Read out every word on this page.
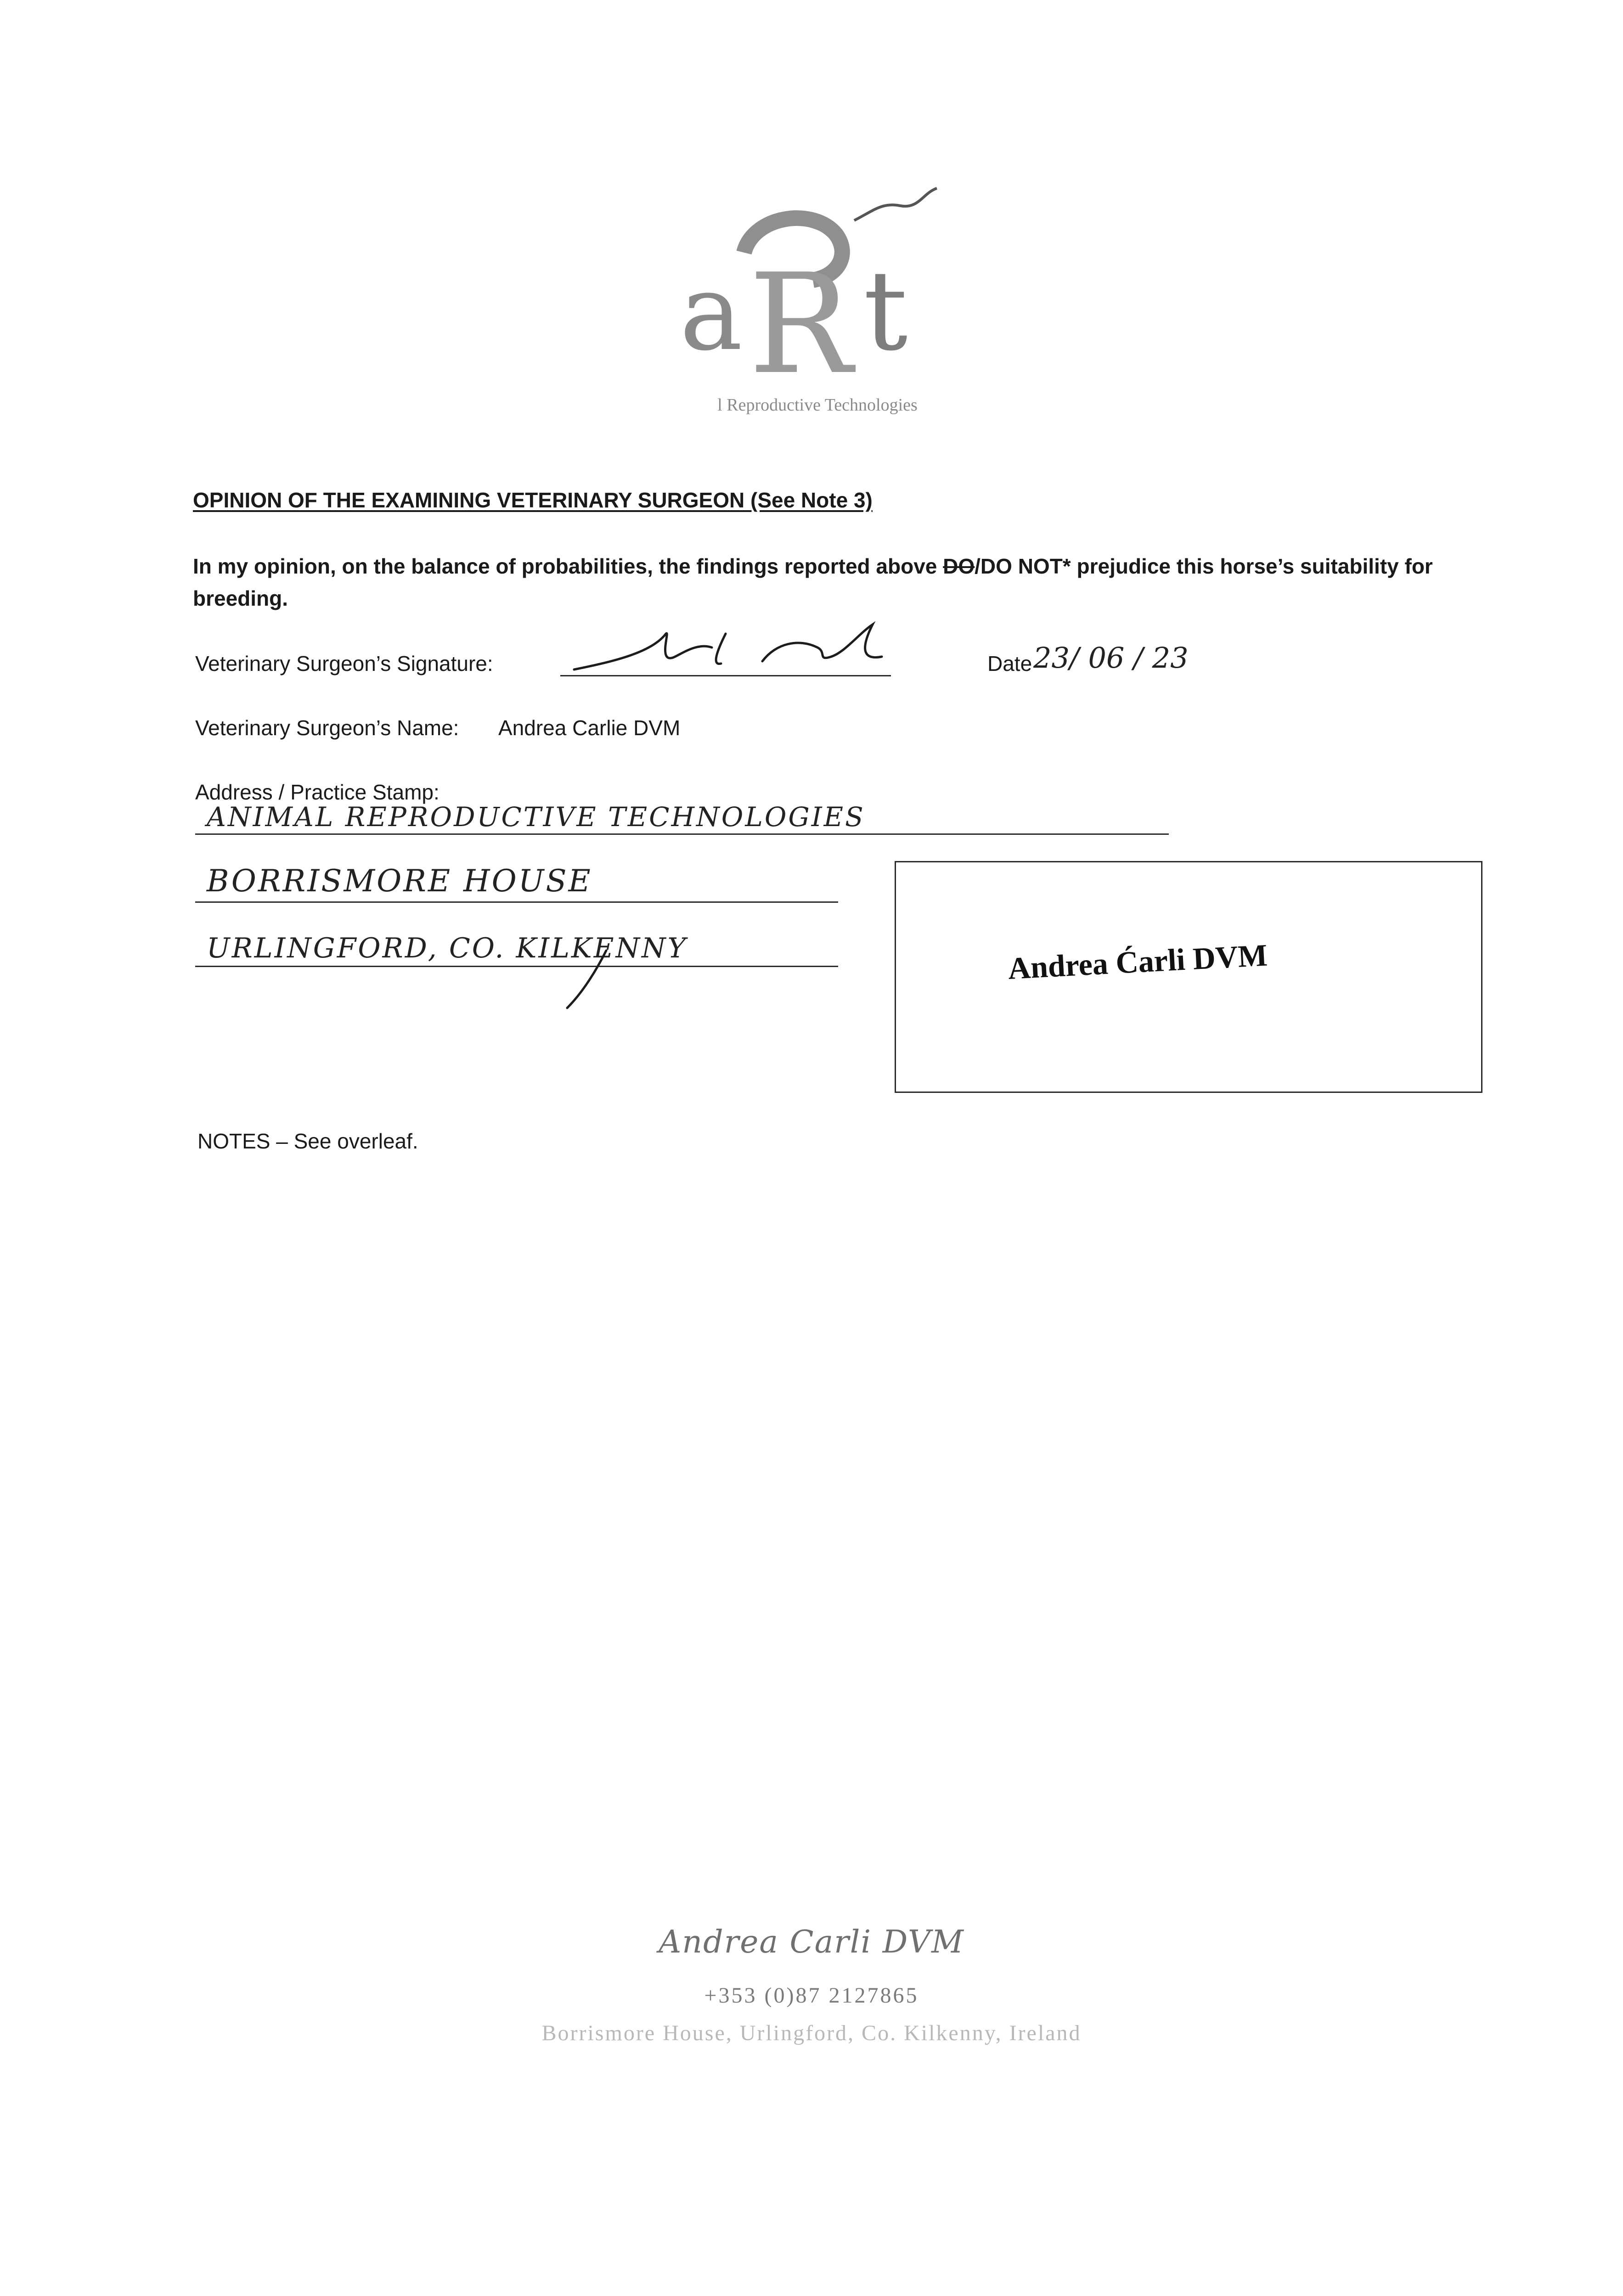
a R t
l Reproductive Technologies
OPINION OF THE EXAMINING VETERINARY SURGEON (See Note 3)
In my opinion, on the balance of probabilities, the findings reported above DO/DO NOT* prejudice this horse’s suitability for breeding.
Veterinary Surgeon’s Signature:	Date 23/ 06 / 23
Veterinary Surgeon’s Name: Andrea Carlie DVM
Address / Practice Stamp:
ANIMAL REPRODUCTIVE TECHNOLOGIES
BORRISMORE HOUSE
URLINGFORD, CO. KILKENNY	Andrea Ćarli DVM
NOTES – See overleaf.
Andrea Carli DVM
+353 (0)87 2127865
Borrismore House, Urlingford, Co. Kilkenny, Ireland
